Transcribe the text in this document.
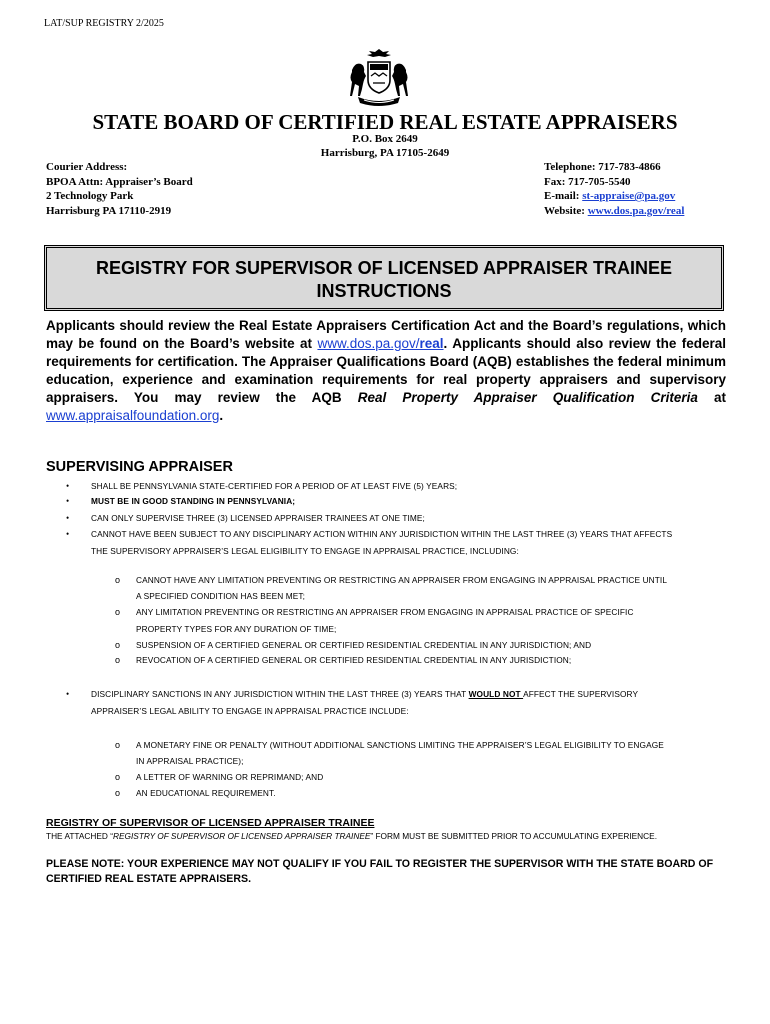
LAT/SUP REGISTRY 2/2025
STATE BOARD OF CERTIFIED REAL ESTATE APPRAISERS
P.O. Box 2649
Harrisburg, PA 17105-2649
Courier Address:
BPOA Attn: Appraiser’s Board
2 Technology Park
Harrisburg PA 17110-2919
Telephone: 717-783-4866
Fax: 717-705-5540
E-mail: st-appraise@pa.gov
Website: www.dos.pa.gov/real
REGISTRY FOR SUPERVISOR OF LICENSED APPRAISER TRAINEE
INSTRUCTIONS
Applicants should review the Real Estate Appraisers Certification Act and the Board’s regulations, which may be found on the Board’s website at www.dos.pa.gov/real. Applicants should also review the federal requirements for certification. The Appraiser Qualifications Board (AQB) establishes the federal minimum education, experience and examination requirements for real property appraisers and supervisory appraisers. You may review the AQB Real Property Appraiser Qualification Criteria at www.appraisalfoundation.org.
SUPERVISING APPRAISER
•	SHALL BE PENNSYLVANIA STATE-CERTIFIED FOR A PERIOD OF AT LEAST FIVE (5) YEARS;
•	MUST BE IN GOOD STANDING IN PENNSYLVANIA;
•	CAN ONLY SUPERVISE THREE (3) LICENSED APPRAISER TRAINEES AT ONE TIME;
•	CANNOT HAVE BEEN SUBJECT TO ANY DISCIPLINARY ACTION WITHIN ANY JURISDICTION WITHIN THE LAST THREE (3) YEARS THAT AFFECTS
THE SUPERVISORY APPRAISER’S LEGAL ELIGIBILITY TO ENGAGE IN APPRAISAL PRACTICE, INCLUDING:
o CANNOT HAVE ANY LIMITATION PREVENTING OR RESTRICTING AN APPRAISER FROM ENGAGING IN APPRAISAL PRACTICE UNTIL
A SPECIFIED CONDITION HAS BEEN MET;
o ANY LIMITATION PREVENTING OR RESTRICTING AN APPRAISER FROM ENGAGING IN APPRAISAL PRACTICE OF SPECIFIC
PROPERTY TYPES FOR ANY DURATION OF TIME;
o SUSPENSION OF A CERTIFIED GENERAL OR CERTIFIED RESIDENTIAL CREDENTIAL IN ANY JURISDICTION; AND
o REVOCATION OF A CERTIFIED GENERAL OR CERTIFIED RESIDENTIAL CREDENTIAL IN ANY JURISDICTION;
•	DISCIPLINARY SANCTIONS IN ANY JURISDICTION WITHIN THE LAST THREE (3) YEARS THAT WOULD NOT AFFECT THE SUPERVISORY
APPRAISER’S LEGAL ABILITY TO ENGAGE IN APPRAISAL PRACTICE INCLUDE:
o A MONETARY FINE OR PENALTY (WITHOUT ADDITIONAL SANCTIONS LIMITING THE APPRAISER’S LEGAL ELIGIBILITY TO ENGAGE
IN APPRAISAL PRACTICE);
o A LETTER OF WARNING OR REPRIMAND; AND
o AN EDUCATIONAL REQUIREMENT.
REGISTRY OF SUPERVISOR OF LICENSED APPRAISER TRAINEE
THE ATTACHED “REGISTRY OF SUPERVISOR OF LICENSED APPRAISER TRAINEE” FORM MUST BE SUBMITTED PRIOR TO ACCUMULATING EXPERIENCE.
PLEASE NOTE: YOUR EXPERIENCE MAY NOT QUALIFY IF YOU FAIL TO REGISTER THE SUPERVISOR WITH THE STATE BOARD OF CERTIFIED REAL ESTATE APPRAISERS.
